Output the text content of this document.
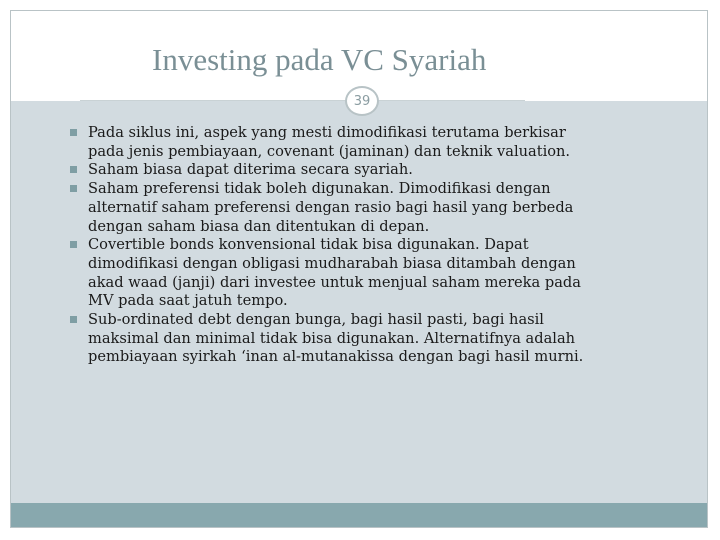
Investing pada VC Syariah
39
Pada siklus ini, aspek yang mesti dimodifikasi terutama berkisar
pada jenis pembiayaan, covenant (jaminan) dan teknik valuation.
Saham biasa dapat diterima secara syariah.
Saham preferensi tidak boleh digunakan. Dimodifikasi dengan
alternatif saham preferensi dengan rasio bagi hasil yang berbeda
dengan saham biasa dan ditentukan di depan.
Covertible bonds konvensional tidak bisa digunakan. Dapat
dimodifikasi dengan obligasi mudharabah biasa ditambah dengan
akad waad (janji) dari investee untuk menjual saham mereka pada
MV pada saat jatuh tempo.
Sub-ordinated debt dengan bunga, bagi hasil pasti, bagi hasil
maksimal dan minimal tidak bisa digunakan. Alternatifnya adalah
pembiayaan syirkah ‘inan al-mutanakissa dengan bagi hasil murni.
